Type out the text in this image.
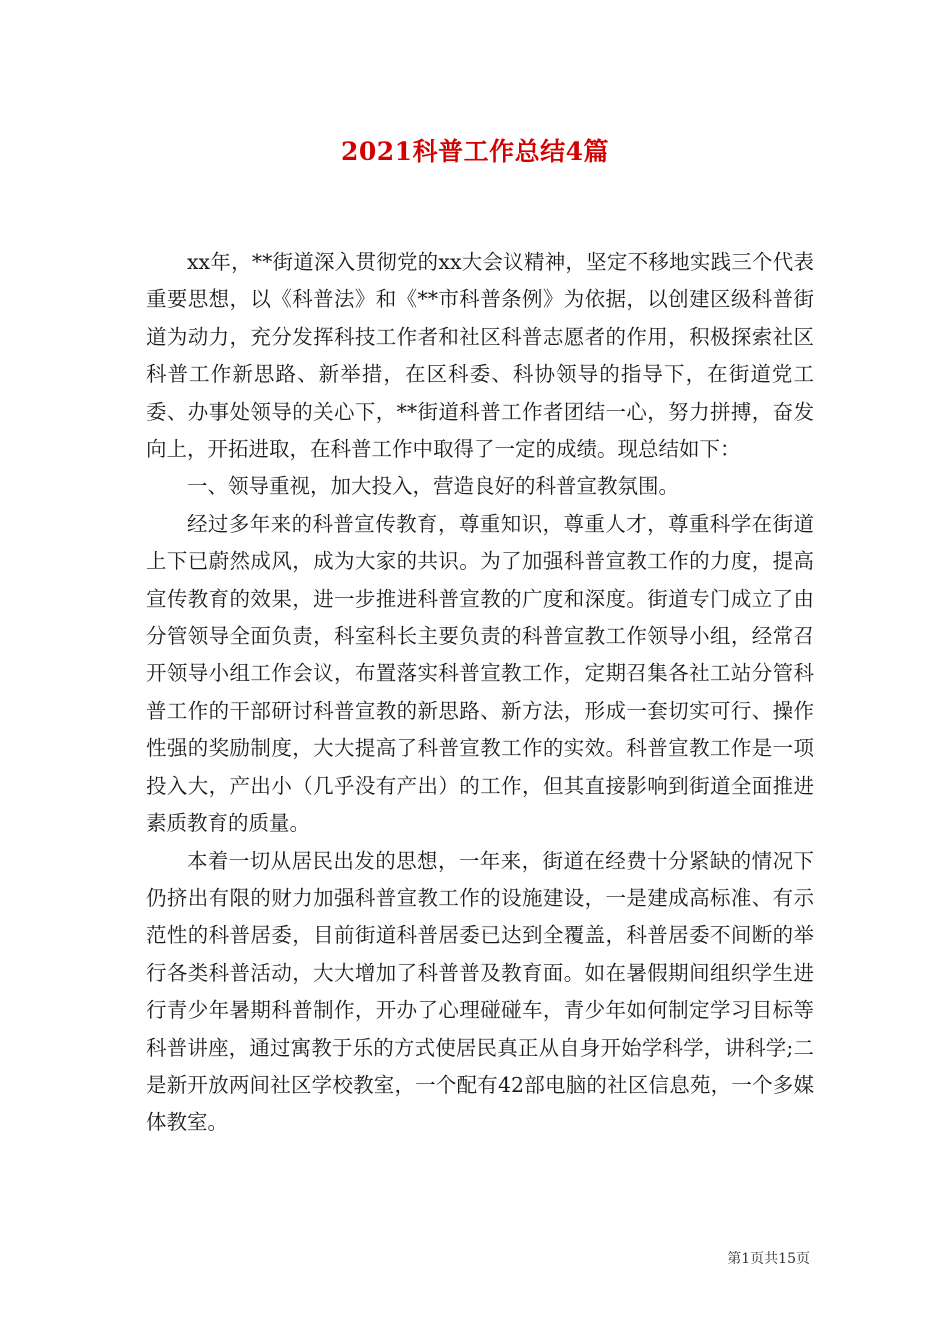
2021科普工作总结4篇

xx年，**街道深入贯彻党的xx大会议精神，坚定不移地实践三个代表重要思想，以《科普法》和《**市科普条例》为依据，以创建区级科普街道为动力，充分发挥科技工作者和社区科普志愿者的作用，积极探索社区科普工作新思路、新举措，在区科委、科协领导的指导下，在街道党工委、办事处领导的关心下，**街道科普工作者团结一心，努力拼搏，奋发向上，开拓进取，在科普工作中取得了一定的成绩。现总结如下：

一、领导重视，加大投入，营造良好的科普宣教氛围。

经过多年来的科普宣传教育，尊重知识，尊重人才，尊重科学在街道上下已蔚然成风，成为大家的共识。为了加强科普宣教工作的力度，提高宣传教育的效果，进一步推进科普宣教的广度和深度。街道专门成立了由分管领导全面负责，科室科长主要负责的科普宣教工作领导小组，经常召开领导小组工作会议，布置落实科普宣教工作，定期召集各社工站分管科普工作的干部研讨科普宣教的新思路、新方法，形成一套切实可行、操作性强的奖励制度，大大提高了科普宣教工作的实效。科普宣教工作是一项投入大，产出小（几乎没有产出）的工作，但其直接影响到街道全面推进素质教育的质量。

本着一切从居民出发的思想，一年来，街道在经费十分紧缺的情况下仍挤出有限的财力加强科普宣教工作的设施建设，一是建成高标准、有示范性的科普居委，目前街道科普居委已达到全覆盖，科普居委不间断的举行各类科普活动，大大增加了科普普及教育面。如在暑假期间组织学生进行青少年暑期科普制作，开办了心理碰碰车，青少年如何制定学习目标等科普讲座，通过寓教于乐的方式使居民真正从自身开始学科学，讲科学;二是新开放两间社区学校教室，一个配有42部电脑的社区信息苑，一个多媒体教室。

第1页共15页
